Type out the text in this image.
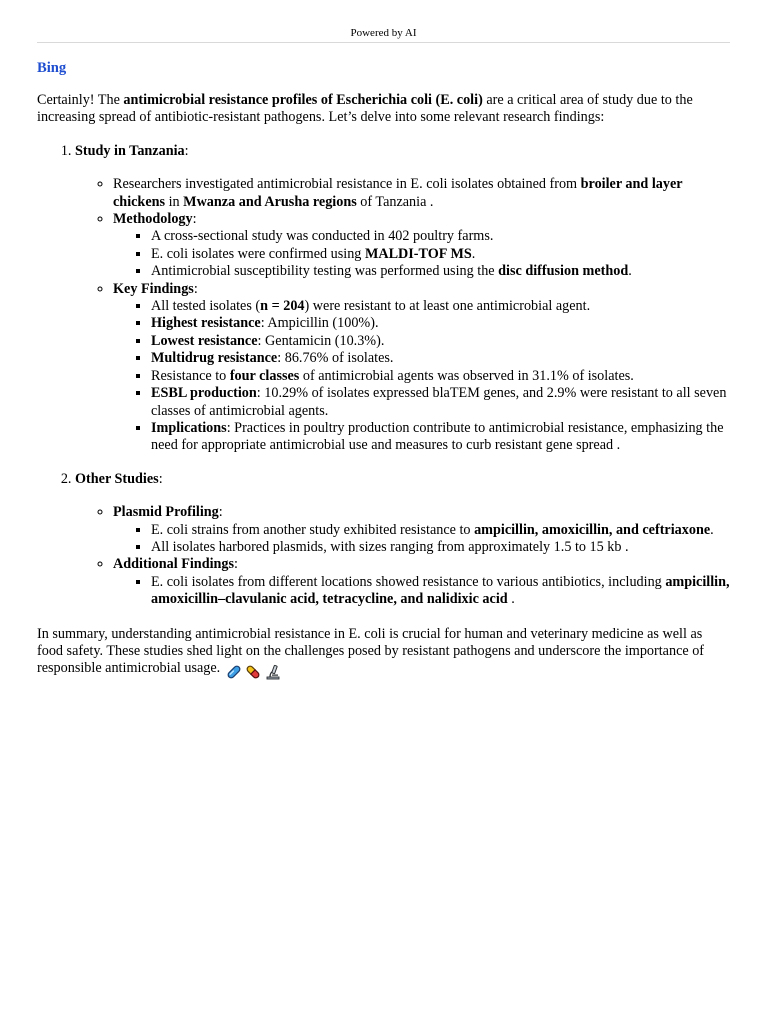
Powered by AI
Bing

Certainly! The antimicrobial resistance profiles of Escherichia coli (E. coli) are a critical area of study due to the increasing spread of antibiotic-resistant pathogens. Let’s delve into some relevant research findings:

1. Study in Tanzania:
◦ Researchers investigated antimicrobial resistance in E. coli isolates obtained from broiler and layer chickens in Mwanza and Arusha regions of Tanzania .
◦ Methodology:
▪ A cross-sectional study was conducted in 402 poultry farms.
▪ E. coli isolates were confirmed using MALDI-TOF MS.
▪ Antimicrobial susceptibility testing was performed using the disc diffusion method.
◦ Key Findings:
▪ All tested isolates (n = 204) were resistant to at least one antimicrobial agent.
▪ Highest resistance: Ampicillin (100%).
▪ Lowest resistance: Gentamicin (10.3%).
▪ Multidrug resistance: 86.76% of isolates.
▪ Resistance to four classes of antimicrobial agents was observed in 31.1% of isolates.
▪ ESBL production: 10.29% of isolates expressed blaTEM genes, and 2.9% were resistant to all seven classes of antimicrobial agents.
▪ Implications: Practices in poultry production contribute to antimicrobial resistance, emphasizing the need for appropriate antimicrobial use and measures to curb resistant gene spread .
2. Other Studies:
◦ Plasmid Profiling:
▪ E. coli strains from another study exhibited resistance to ampicillin, amoxicillin, and ceftriaxone.
▪ All isolates harbored plasmids, with sizes ranging from approximately 1.5 to 15 kb .
◦ Additional Findings:
▪ E. coli isolates from different locations showed resistance to various antibiotics, including ampicillin, amoxicillin–clavulanic acid, tetracycline, and nalidixic acid .

In summary, understanding antimicrobial resistance in E. coli is crucial for human and veterinary medicine as well as food safety. These studies shed light on the challenges posed by resistant pathogens and underscore the importance of responsible antimicrobial usage.
